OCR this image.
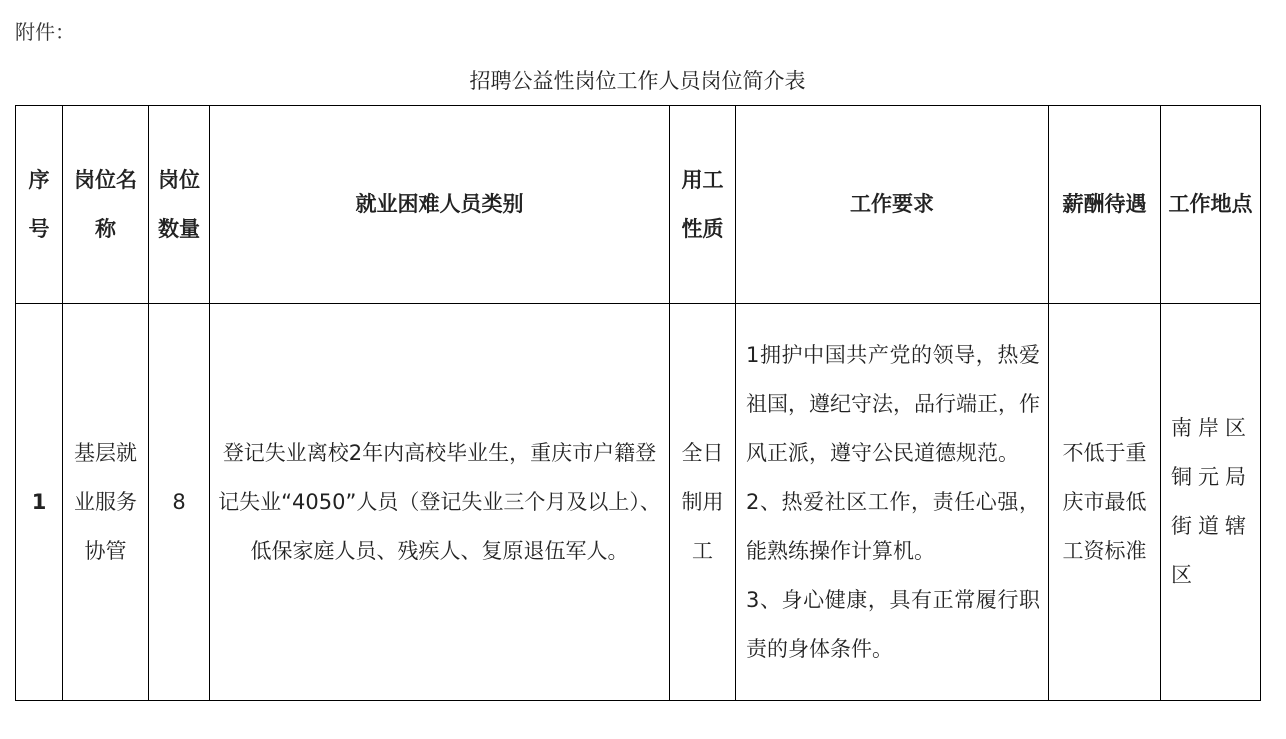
附件：
招聘公益性岗位工作人员岗位简介表
序号	岗位名称	岗位数量	就业困难人员类别	用工性质	工作要求	薪酬待遇	工作地点
1	基层就业服务协管	8	登记失业离校2年内高校毕业生，重庆市户籍登记失业“4050”人员（登记失业三个月及以上）、低保家庭人员、残疾人、复原退伍军人。	全日制用工	1拥护中国共产党的领导，热爱祖国，遵纪守法，品行端正，作风正派，遵守公民道德规范。
2、热爱社区工作，责任心强，能熟练操作计算机。
3、身心健康，具有正常履行职责的身体条件。	不低于重庆市最低工资标准	南岸区铜元局街道辖区
